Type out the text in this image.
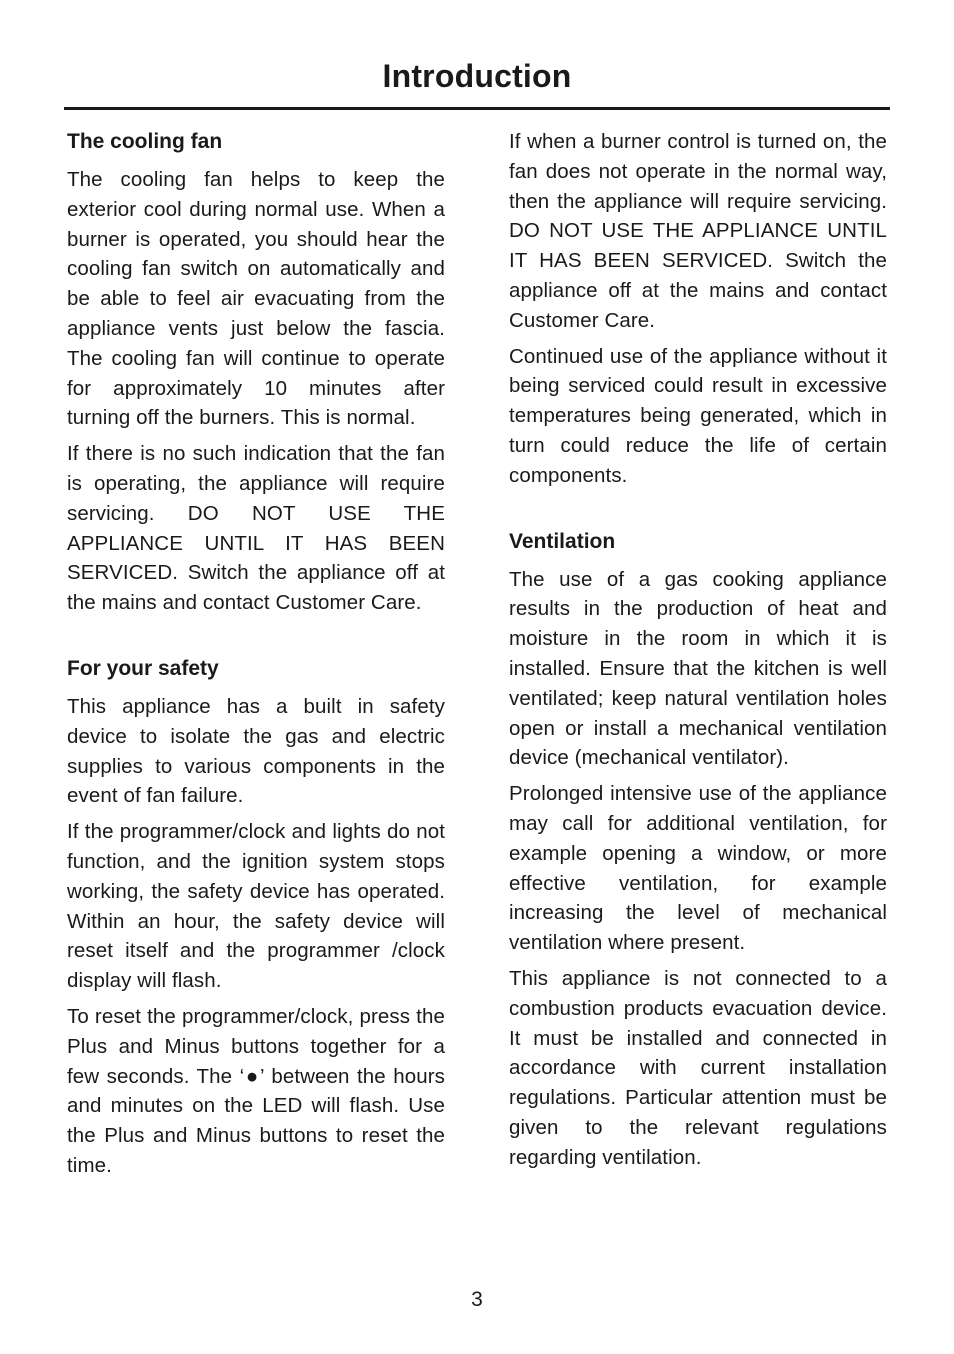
Introduction
The cooling fan

The cooling fan helps to keep the exterior cool during normal use. When a burner is operated, you should hear the cooling fan switch on automatically and be able to feel air evacuating from the appliance vents just below the fascia. The cooling fan will continue to operate for approximately 10 minutes after turning off the burners. This is normal.

If there is no such indication that the fan is operating, the appliance will require servicing. DO NOT USE THE APPLIANCE UNTIL IT HAS BEEN SERVICED. Switch the appliance off at the mains and contact Customer Care.

For your safety

This appliance has a built in safety device to isolate the gas and electric supplies to various components in the event of fan failure.

If the programmer/clock and lights do not function, and the ignition system stops working, the safety device has operated. Within an hour, the safety device will reset itself and the programmer /clock display will flash.

To reset the programmer/clock, press the Plus and Minus buttons together for a few seconds. The ‘●’ between the hours and minutes on the LED will flash. Use the Plus and Minus buttons to reset the time.

If when a burner control is turned on, the fan does not operate in the normal way, then the appliance will require servicing. DO NOT USE THE APPLIANCE UNTIL IT HAS BEEN SERVICED. Switch the appliance off at the mains and contact Customer Care.

Continued use of the appliance without it being serviced could result in excessive temperatures being generated, which in turn could reduce the life of certain components.

Ventilation

The use of a gas cooking appliance results in the production of heat and moisture in the room in which it is installed. Ensure that the kitchen is well ventilated; keep natural ventilation holes open or install a mechanical ventilation device (mechanical ventilator).

Prolonged intensive use of the appliance may call for additional ventilation, for example opening a window, or more effective ventilation, for example increasing the level of mechanical ventilation where present.

This appliance is not connected to a combustion products evacuation device. It must be installed and connected in accordance with current installation regulations. Particular attention must be given to the relevant regulations regarding ventilation.

3
